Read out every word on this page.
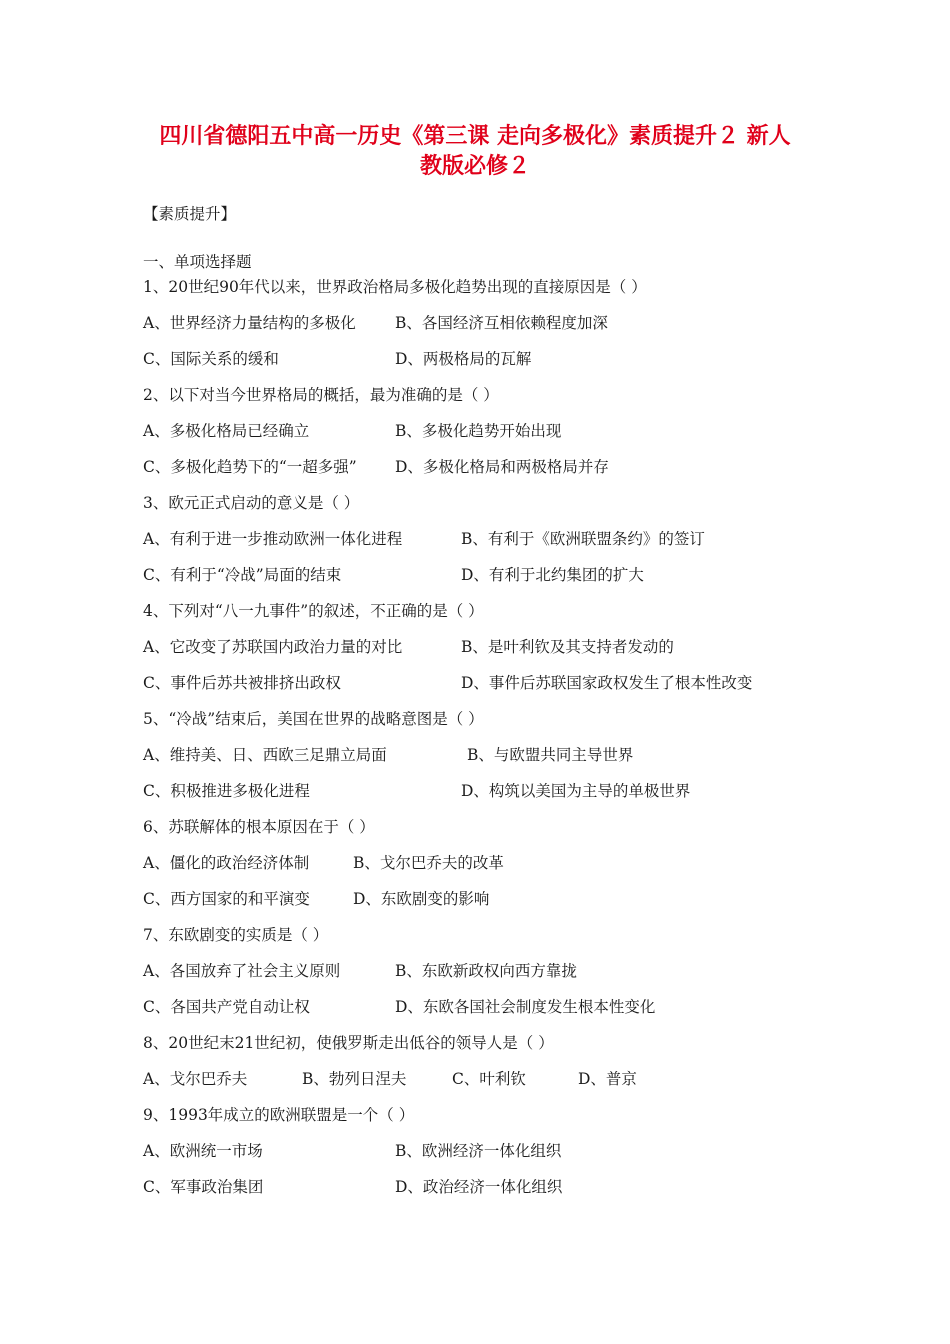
四川省德阳五中高一历史《第三课 走向多极化》素质提升２ 新人
教版必修２
【素质提升】
一、单项选择题
1、20世纪90年代以来，世界政治格局多极化趋势出现的直接原因是（ ）
A、世界经济力量结构的多极化	B、各国经济互相依赖程度加深
C、国际关系的缓和	D、两极格局的瓦解
2、以下对当今世界格局的概括，最为准确的是（ ）
A、多极化格局已经确立	B、多极化趋势开始出现
C、多极化趋势下的“一超多强” D、多极化格局和两极格局并存
3、欧元正式启动的意义是（ ）
A、有利于进一步推动欧洲一体化进程	B、有利于《欧洲联盟条约》的签订
C、有利于“冷战”局面的结束	D、有利于北约集团的扩大
4、下列对“八一九事件”的叙述，不正确的是（ ）
A、它改变了苏联国内政治力量的对比	B、是叶利钦及其支持者发动的
C、事件后苏共被排挤出政权	D、事件后苏联国家政权发生了根本性改变
5、“冷战”结束后，美国在世界的战略意图是（ ）
A、维持美、日、西欧三足鼎立局面	B、与欧盟共同主导世界
C、积极推进多极化进程	D、构筑以美国为主导的单极世界
6、苏联解体的根本原因在于（ ）
A、僵化的政治经济体制	B、戈尔巴乔夫的改革
C、西方国家的和平演变	D、东欧剧变的影响
7、东欧剧变的实质是（ ）
A、各国放弃了社会主义原则	B、东欧新政权向西方靠拢
C、各国共产党自动让权	D、东欧各国社会制度发生根本性变化
8、20世纪末21世纪初，使俄罗斯走出低谷的领导人是（ ）
A、戈尔巴乔夫	B、勃列日涅夫	C、叶利钦	D、普京
9、1993年成立的欧洲联盟是一个（ ）
A、欧洲统一市场	B、欧洲经济一体化组织
C、军事政治集团	D、政治经济一体化组织
